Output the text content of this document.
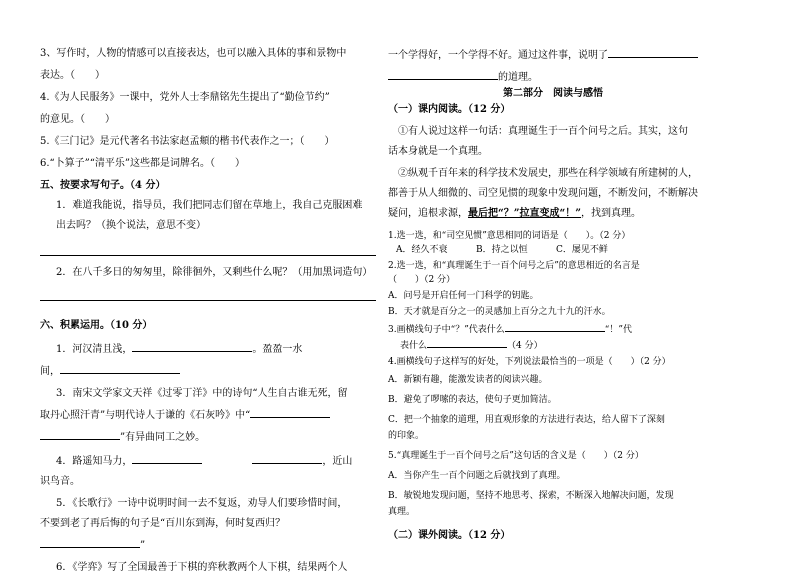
3、写作时，人物的情感可以直接表达，也可以融入具体的事和景物中

表达。（　　）

4.《为人民服务》一课中，党外人士李鼎铭先生提出了“勤俭节约”

的意见。（　　）

5.《三门记》是元代著名书法家赵孟頫的楷书代表作之一；（　　）

6.“卜算子”“清平乐”这些都是词牌名。（　　）

五、按要求写句子。（4 分）

1．难道我能说，指导员，我们把同志们留在草地上，我自己克服困难

出去吗？（换个说法，意思不变）

2．在八千多日的匆匆里，除徘徊外，又剩些什么呢？（用加黑词造句）

六、积累运用。（10 分）

1．河汉清且浅，	。盈盈一水

间，

3．南宋文学家文天祥《过零丁洋》中的诗句“人生自古谁无死，留

取丹心照汗青”与明代诗人于谦的《石灰吟》中“

”有异曲同工之妙。

4．路遥知马力，	，近山

识鸟音。

5．《长歌行》一诗中说明时间一去不复返，劝导人们要珍惜时间，

不要到老了再后悔的句子是“百川东到海，何时复西归？

”

6．《学弈》写了全国最善于下棋的弈秋教两个人下棋，结果两个人

一个学得好，一个学得不好。通过这件事，说明了

的道理。

第二部分　阅读与感悟

（一）课内阅读。（12 分）

①有人说过这样一句话：真理诞生于一百个问号之后。其实，这句

话本身就是一个真理。

②纵观千百年来的科学技术发展史，那些在科学领域有所建树的人，

都善于从人细微的、司空见惯的现象中发现问题，不断发问，不断解决

疑问，追根求源，最后把“？”拉直变成“！”，找到真理。

1.选一选，和“司空见惯”意思相同的词语是（　　）。（2 分）

A．经久不衰	B．持之以恒	C．屡见不鲜

2.选一选，和“真理诞生于一百个问号之后”的意思相近的名言是

（　　）（2 分）

A．问号是开启任何一门科学的钥匙。

B．天才就是百分之一的灵感加上百分之九十九的汗水。

3.画横线句子中“？”代表什么	“！”代

表什么	（4 分）

4.画横线句子这样写的好处，下列说法最恰当的一项是（　　）（2 分）

A．新颖有趣，能激发读者的阅读兴趣。

B．避免了啰嗦的表达，使句子更加简洁。

C．把一个抽象的道理，用直观形象的方法进行表达，给人留下了深刻

的印象。

5.“真理诞生于一百个问号之后”这句话的含义是（　　）（2 分）

A．当你产生一百个问题之后就找到了真理。

B．敏锐地发现问题，坚持不地思考、探索，不断深入地解决问题，发现

真理。

（二）课外阅读。（12 分）
